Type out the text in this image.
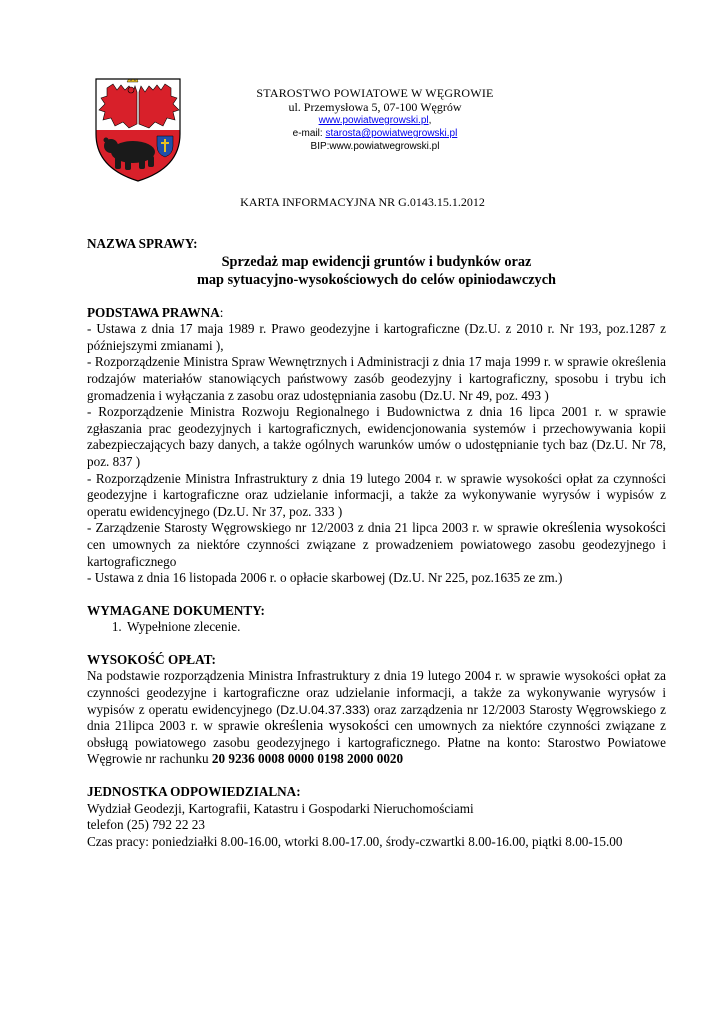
STAROSTWO POWIATOWE W WĘGROWIE
ul. Przemysłowa 5, 07-100 Węgrów
www.powiatwegrowski.pl,
e-mail: starosta@powiatwegrowski.pl
BIP:www.powiatwegrowski.pl
KARTA INFORMACYJNA NR G.0143.15.1.2012
NAZWA SPRAWY:
Sprzedaż map ewidencji gruntów i budynków oraz
map sytuacyjno-wysokościowych do celów opiniodawczych
PODSTAWA PRAWNA:

- Ustawa z dnia 17 maja 1989 r. Prawo geodezyjne i kartograficzne (Dz.U. z 2010 r. Nr 193, poz.1287 z późniejszymi zmianami ),

- Rozporządzenie Ministra Spraw Wewnętrznych i Administracji z dnia 17 maja 1999 r. w sprawie określenia rodzajów materiałów stanowiących państwowy zasób geodezyjny i kartograficzny, sposobu i trybu ich gromadzenia i wyłączania z zasobu oraz udostępniania zasobu (Dz.U. Nr 49, poz. 493 )

- Rozporządzenie Ministra Rozwoju Regionalnego i Budownictwa z dnia 16 lipca 2001 r. w sprawie zgłaszania prac geodezyjnych i kartograficznych, ewidencjonowania systemów i przechowywania kopii zabezpieczających bazy danych, a także ogólnych warunków umów o udostępnianie tych baz (Dz.U. Nr 78, poz. 837 )

- Rozporządzenie Ministra Infrastruktury z dnia 19 lutego 2004 r. w sprawie wysokości opłat za czynności geodezyjne i kartograficzne oraz udzielanie informacji, a także za wykonywanie wyrysów i wypisów z operatu ewidencyjnego (Dz.U. Nr 37, poz. 333 )

- Zarządzenie Starosty Węgrowskiego nr 12/2003 z dnia 21 lipca 2003 r. w sprawie określenia wysokości cen umownych za niektóre czynności związane z prowadzeniem powiatowego zasobu geodezyjnego i kartograficznego

- Ustawa z dnia 16 listopada 2006 r. o opłacie skarbowej (Dz.U. Nr 225, poz.1635 ze zm.)

WYMAGANE DOKUMENTY:
1. Wypełnione zlecenie.
WYSOKOŚĆ OPŁAT:

Na podstawie rozporządzenia Ministra Infrastruktury z dnia 19 lutego 2004 r. w sprawie wysokości opłat za czynności geodezyjne i kartograficzne oraz udzielanie informacji, a także za wykonywanie wyrysów i wypisów z operatu ewidencyjnego (Dz.U.04.37.333) oraz zarządzenia nr 12/2003 Starosty Węgrowskiego z dnia 21lipca 2003 r. w sprawie określenia wysokości cen umownych za niektóre czynności związane z obsługą powiatowego zasobu geodezyjnego i kartograficznego. Płatne na konto: Starostwo Powiatowe Węgrowie nr rachunku 20 9236 0008 0000 0198 2000 0020

JEDNOSTKA ODPOWIEDZIALNA:
Wydział Geodezji, Kartografii, Katastru i Gospodarki Nieruchomościami
telefon (25) 792 22 23
Czas pracy: poniedziałki 8.00-16.00, wtorki 8.00-17.00, środy-czwartki 8.00-16.00, piątki 8.00-15.00
